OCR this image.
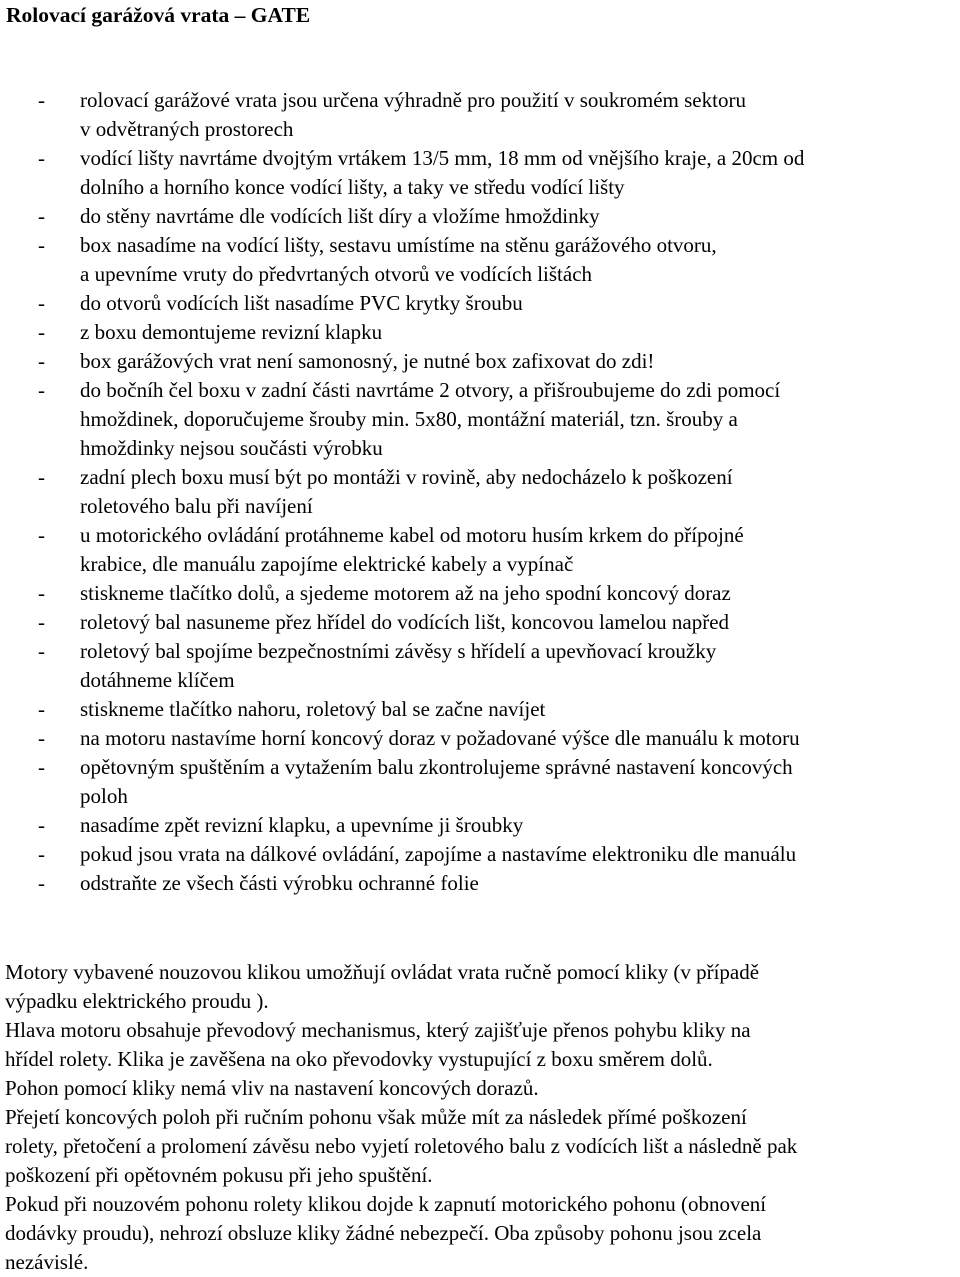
Rolovací garážová vrata – GATE
- rolovací garážové vrata jsou určena výhradně pro použití v soukromém sektoru
v odvětraných prostorech
- vodící lišty navrtáme dvojtým vrtákem 13/5 mm, 18 mm od vnějšího kraje, a 20cm od
dolního a horního konce vodící lišty, a taky ve středu vodící lišty
- do stěny navrtáme dle vodících lišt díry a vložíme hmoždinky
- box nasadíme na vodící lišty, sestavu umístíme na stěnu garážového otvoru,
a upevníme vruty do předvrtaných otvorů ve vodících lištách
- do otvorů vodících lišt nasadíme PVC krytky šroubu
- z boxu demontujeme revizní klapku
- box garážových vrat není samonosný, je nutné box zafixovat do zdi!
- do bočníh čel boxu v zadní části navrtáme 2 otvory, a přišroubujeme do zdi pomocí
hmoždinek, doporučujeme šrouby min. 5x80, montážní materiál, tzn. šrouby a
hmoždinky nejsou součásti výrobku
- zadní plech boxu musí být po montáži v rovině, aby nedocházelo k poškození
roletového balu při navíjení
- u motorického ovládání protáhneme kabel od motoru husím krkem do přípojné
krabice, dle manuálu zapojíme elektrické kabely a vypínač
- stiskneme tlačítko dolů, a sjedeme motorem až na jeho spodní koncový doraz
- roletový bal nasuneme přez hřídel do vodících lišt, koncovou lamelou napřed
- roletový bal spojíme bezpečnostními závěsy s hřídelí a upevňovací kroužky
dotáhneme klíčem
- stiskneme tlačítko nahoru, roletový bal se začne navíjet
- na motoru nastavíme horní koncový doraz v požadované výšce dle manuálu k motoru
- opětovným spuštěním a vytažením balu zkontrolujeme správné nastavení koncových
poloh
- nasadíme zpět revizní klapku, a upevníme ji šroubky
- pokud jsou vrata na dálkové ovládání, zapojíme a nastavíme elektroniku dle manuálu
- odstraňte ze všech části výrobku ochranné folie

Motory vybavené nouzovou klikou umožňují ovládat vrata ručně pomocí kliky (v případě
výpadku elektrického proudu ).

Hlava motoru obsahuje převodový mechanismus, který zajišťuje přenos pohybu kliky na
hřídel rolety. Klika je zavěšena na oko převodovky vystupující z boxu směrem dolů.

Pohon pomocí kliky nemá vliv na nastavení koncových dorazů.

Přejetí koncových poloh při ručním pohonu však může mít za následek přímé poškození
rolety, přetočení a prolomení závěsu nebo vyjetí roletového balu z vodících lišt a následně pak
poškození při opětovném pokusu při jeho spuštění.

Pokud při nouzovém pohonu rolety klikou dojde k zapnutí motorického pohonu (obnovení
dodávky proudu), nehrozí obsluze kliky žádné nebezpečí. Oba způsoby pohonu jsou zcela
nezávislé.
